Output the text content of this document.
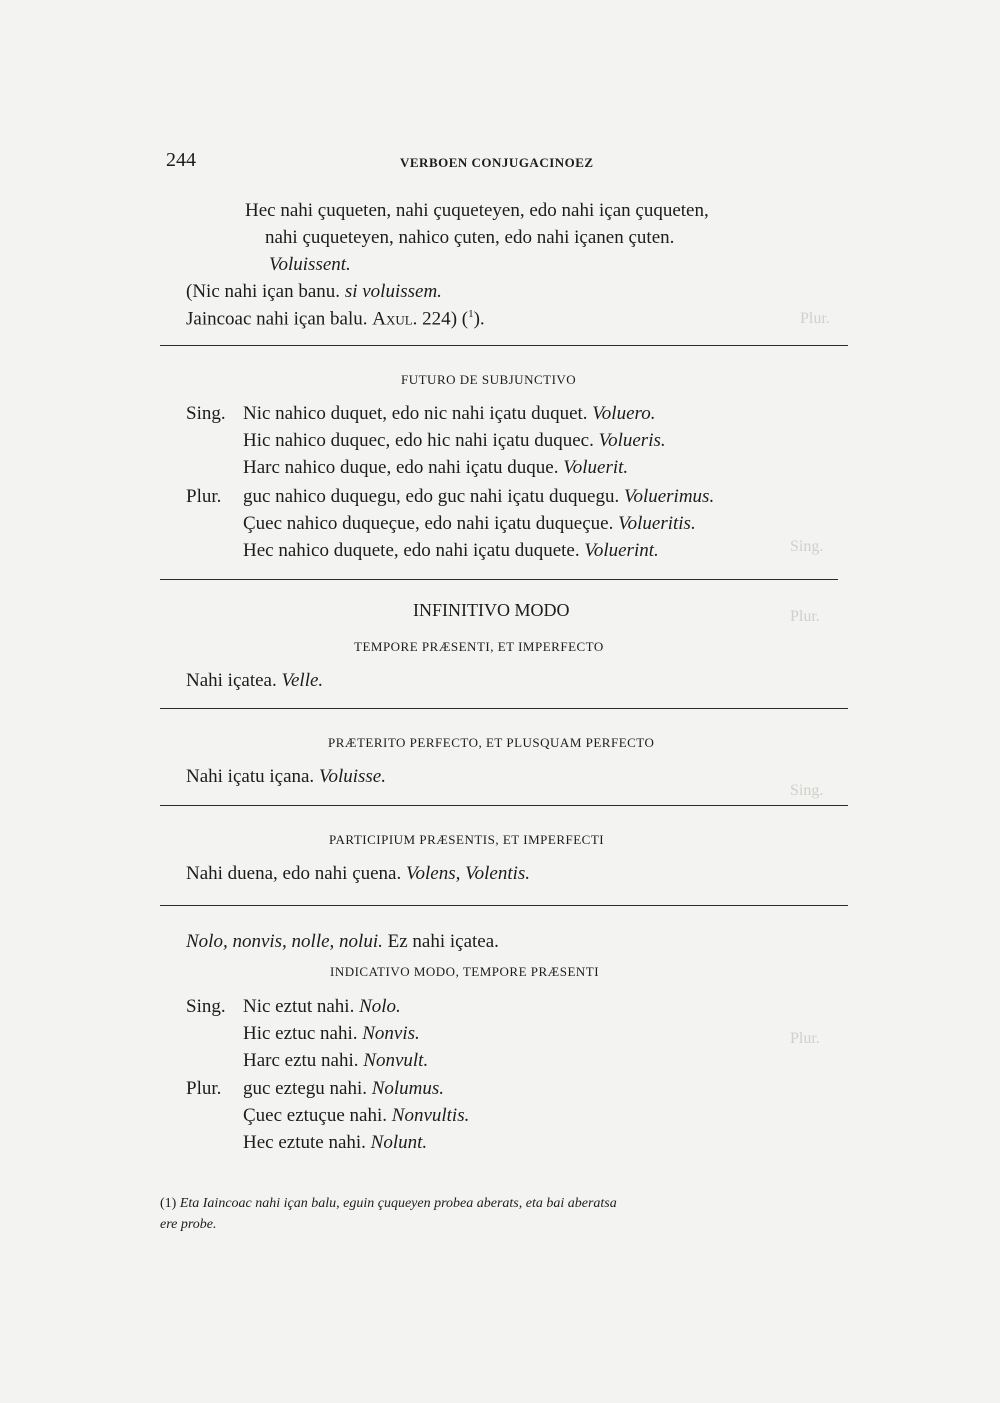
Sing.
Plur.
Sing.
Plur.
Plur.
244	VERBOEN CONJUGACINOEZ
Hec nahi çuqueten, nahi çuqueteyen, edo nahi içan çuqueten,
nahi çuqueteyen, nahico çuten, edo nahi içanen çuten.
Voluissent.
(Nic nahi içan banu. si voluissem.
Jaincoac nahi içan balu. Axul. 224) ($^1$).
FUTURO DE SUBJUNCTIVO
Sing.
Plur.
Nic nahico duquet, edo nic nahi içatu duquet. Voluero.
Hic nahico duquec, edo hic nahi içatu duquec. Volueris.
Harc nahico duque, edo nahi içatu duque. Voluerit.
guc nahico duquegu, edo guc nahi içatu duquegu. Voluerimus.
Çuec nahico duqueçue, edo nahi içatu duqueçue. Volueritis.
Hec nahico duquete, edo nahi içatu duquete. Voluerint.
INFINITIVO MODO
TEMPORE PRÆSENTI, ET IMPERFECTO
Nahi içatea. Velle.
PRÆTERITO PERFECTO, ET PLUSQUAM PERFECTO
Nahi içatu içana. Voluisse.
PARTICIPIUM PRÆSENTIS, ET IMPERFECTI
Nahi duena, edo nahi çuena. Volens, Volentis.
Nolo, nonvis, nolle, nolui. Ez nahi içatea.
INDICATIVO MODO, TEMPORE PRÆSENTI
Sing.
Plur.
Nic eztut nahi. Nolo.
Hic eztuc nahi. Nonvis.
Harc eztu nahi. Nonvult.
guc eztegu nahi. Nolumus.
Çuec eztuçue nahi. Nonvultis.
Hec eztute nahi. Nolunt.
(1) Eta Iaincoac nahi içan balu, eguin çuqueyen probea aberats, eta bai aberatsa
ere probe.
